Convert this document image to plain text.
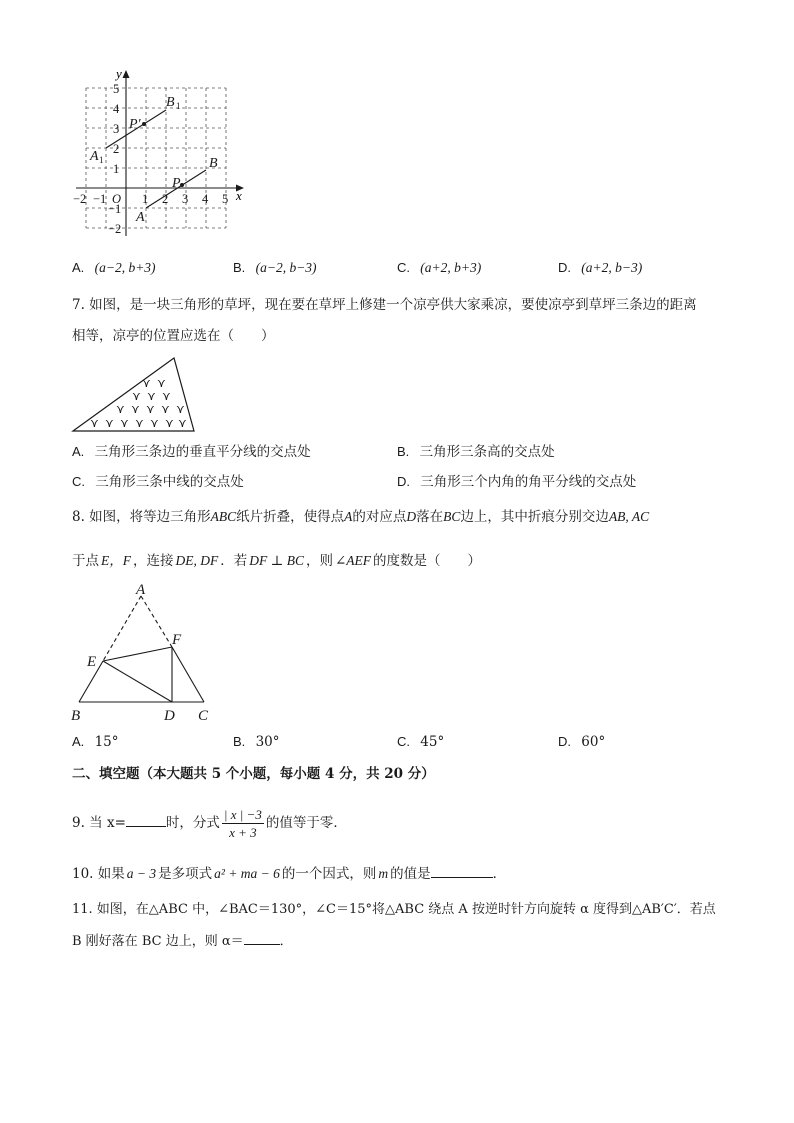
x
y
−2 −1 O 1 2 3 4 5
5
4
3
2
1
−1
−2
A 1
B 1
P′
A
B
P
A. (a−2, b+3)	B. (a−2, b−3)	C. (a+2, b+3)	D. (a+2, b−3)
7. 如图，是一块三角形的草坪，现在要在草坪上修建一个凉亭供大家乘凉，要使凉亭到草坪三条边的距离
相等，凉亭的位置应选在（　　）
⋎ ⋎
⋎ ⋎ ⋎
⋎ ⋎ ⋎ ⋎ ⋎
⋎ ⋎ ⋎ ⋎ ⋎ ⋎ ⋎
A. 三角形三条边的垂直平分线的交点处	B. 三角形三条高的交点处
C. 三角形三条中线的交点处	D. 三角形三个内角的角平分线的交点处
8. 如图，将等边三角形ABC纸片折叠，使得点A的对应点D落在BC边上，其中折痕分别交边AB, AC
于点 E，F ，连接 DE, DF ．若 DF ⊥ BC ，则 ∠AEF 的度数是（　　）
A
B	C
D
E
F
A. 15°	B. 30°	C. 45°	D. 60°
二、填空题（本大题共 5 个小题，每小题 4 分，共 20 分）
9. 当 x=	时，分式 $\frac{| x | -3}{x + 3}$ 的值等于零．
10. 如果 a − 3 是多项式 a² + ma − 6 的一个因式，则 m 的值是	．
11. 如图，在△ABC 中，∠BAC＝130°，∠C＝15°将△ABC 绕点 A 按逆时针方向旋转 α 度得到△AB′C′．若点
B 刚好落在 BC 边上，则 α＝	．
